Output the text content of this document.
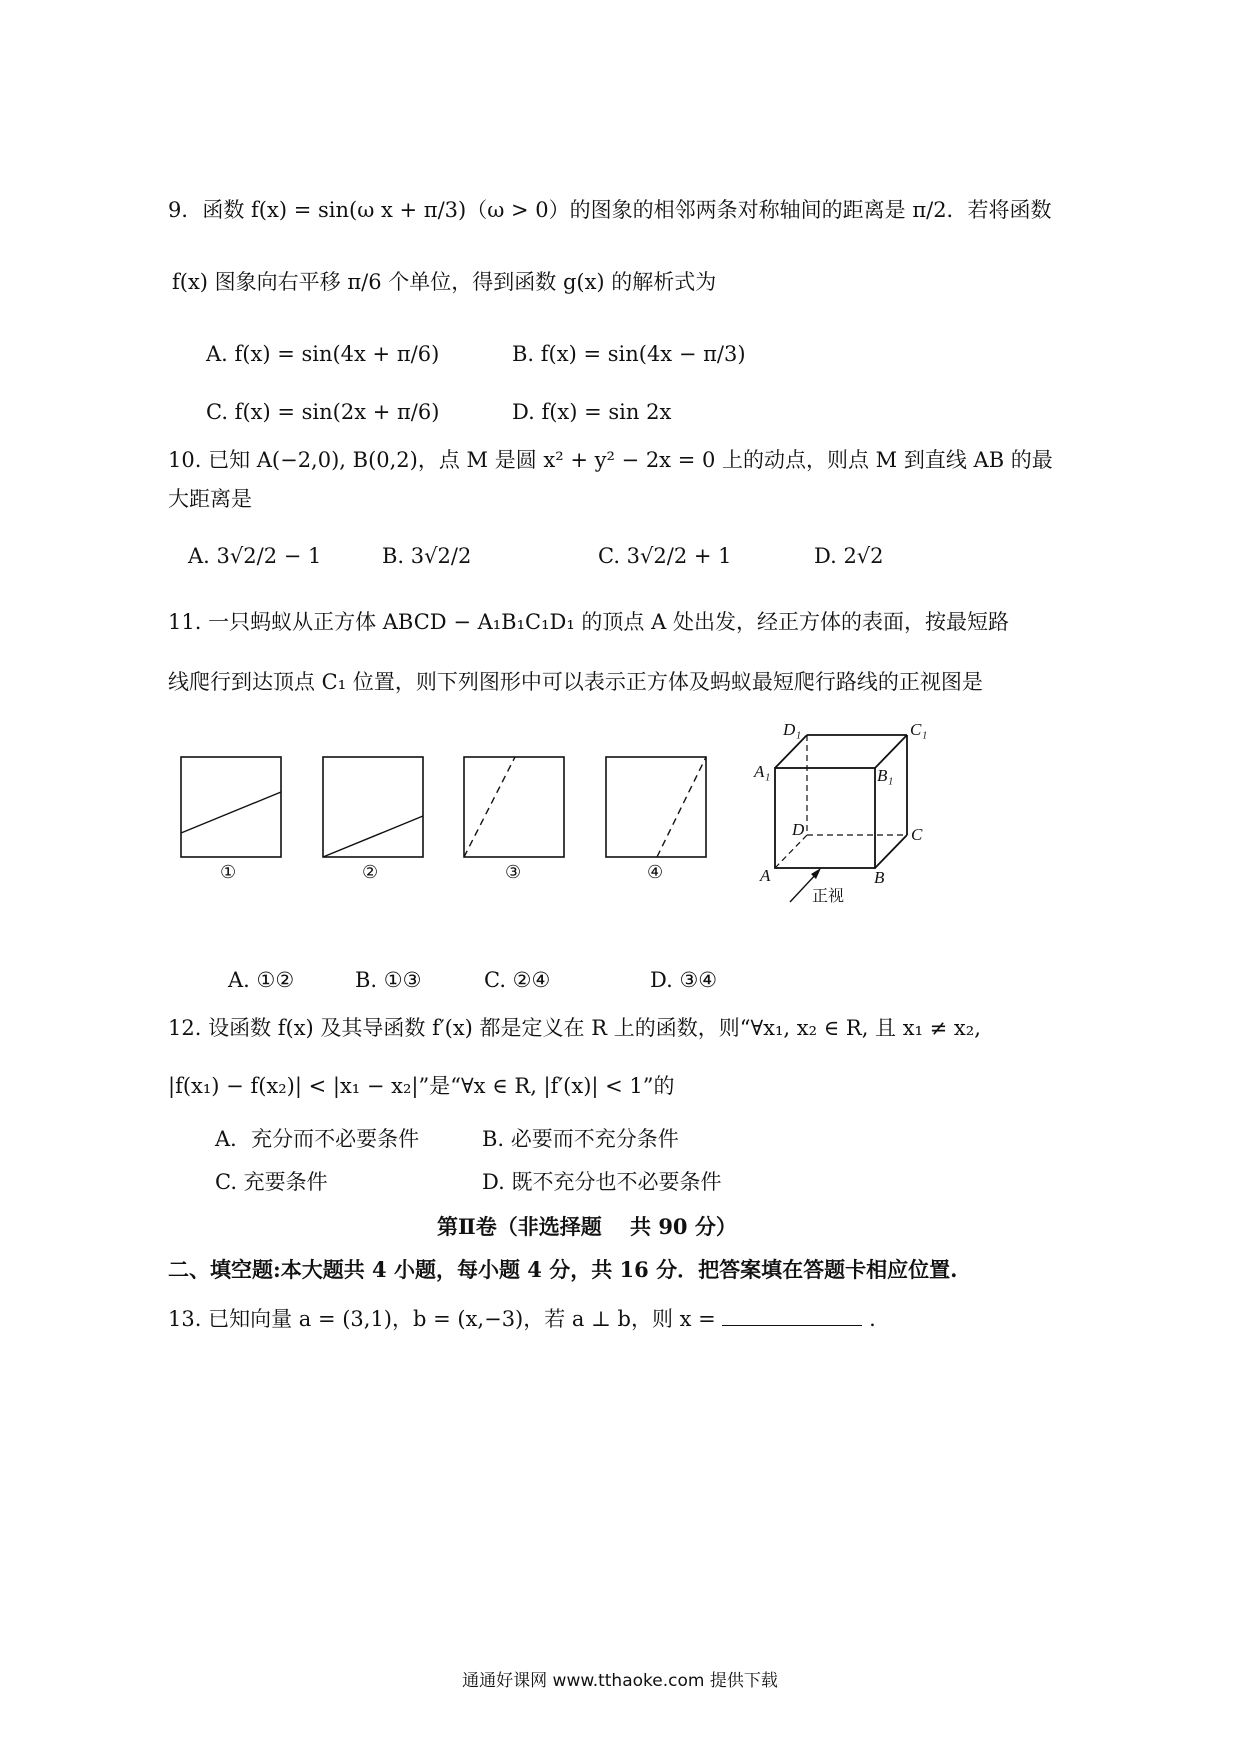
9．函数 f(x) = sin(ω x + π/3)（ω > 0）的图象的相邻两条对称轴间的距离是 π/2．若将函数
f(x) 图象向右平移 π/6 个单位，得到函数 g(x) 的解析式为
A. f(x) = sin(4x + π/6)	B. f(x) = sin(4x − π/3)
C. f(x) = sin(2x + π/6)	D. f(x) = sin 2x
10. 已知 A(−2,0), B(0,2)，点 M 是圆 x² + y² − 2x = 0 上的动点，则点 M 到直线 AB 的最
大距离是
A. 3√2/2 − 1	B. 3√2/2	C. 3√2/2 + 1	D. 2√2
11. 一只蚂蚁从正方体 ABCD − A₁B₁C₁D₁ 的顶点 A 处出发，经正方体的表面，按最短路
线爬行到达顶点 C₁ 位置，则下列图形中可以表示正方体及蚂蚁最短爬行路线的正视图是
①	②	③	④
D₁	C₁
A₁	B₁
D	C
A	B
正视
A. ①②	B. ①③	C. ②④	D. ③④
12. 设函数 f(x) 及其导函数 f′(x) 都是定义在 R 上的函数，则“∀x₁, x₂ ∈ R, 且 x₁ ≠ x₂,
|f(x₁) − f(x₂)| < |x₁ − x₂|”是“∀x ∈ R, |f′(x)| < 1”的
A．充分而不必要条件	B. 必要而不充分条件
C. 充要条件	D. 既不充分也不必要条件
第Ⅱ卷（非选择题　 共 90 分）
二、填空题:本大题共 4 小题，每小题 4 分，共 16 分．把答案填在答题卡相应位置.
13. 已知向量 a = (3,1)，b = (x,−3)，若 a ⊥ b，则 x =	.
通通好课网 www.tthaoke.com 提供下载
